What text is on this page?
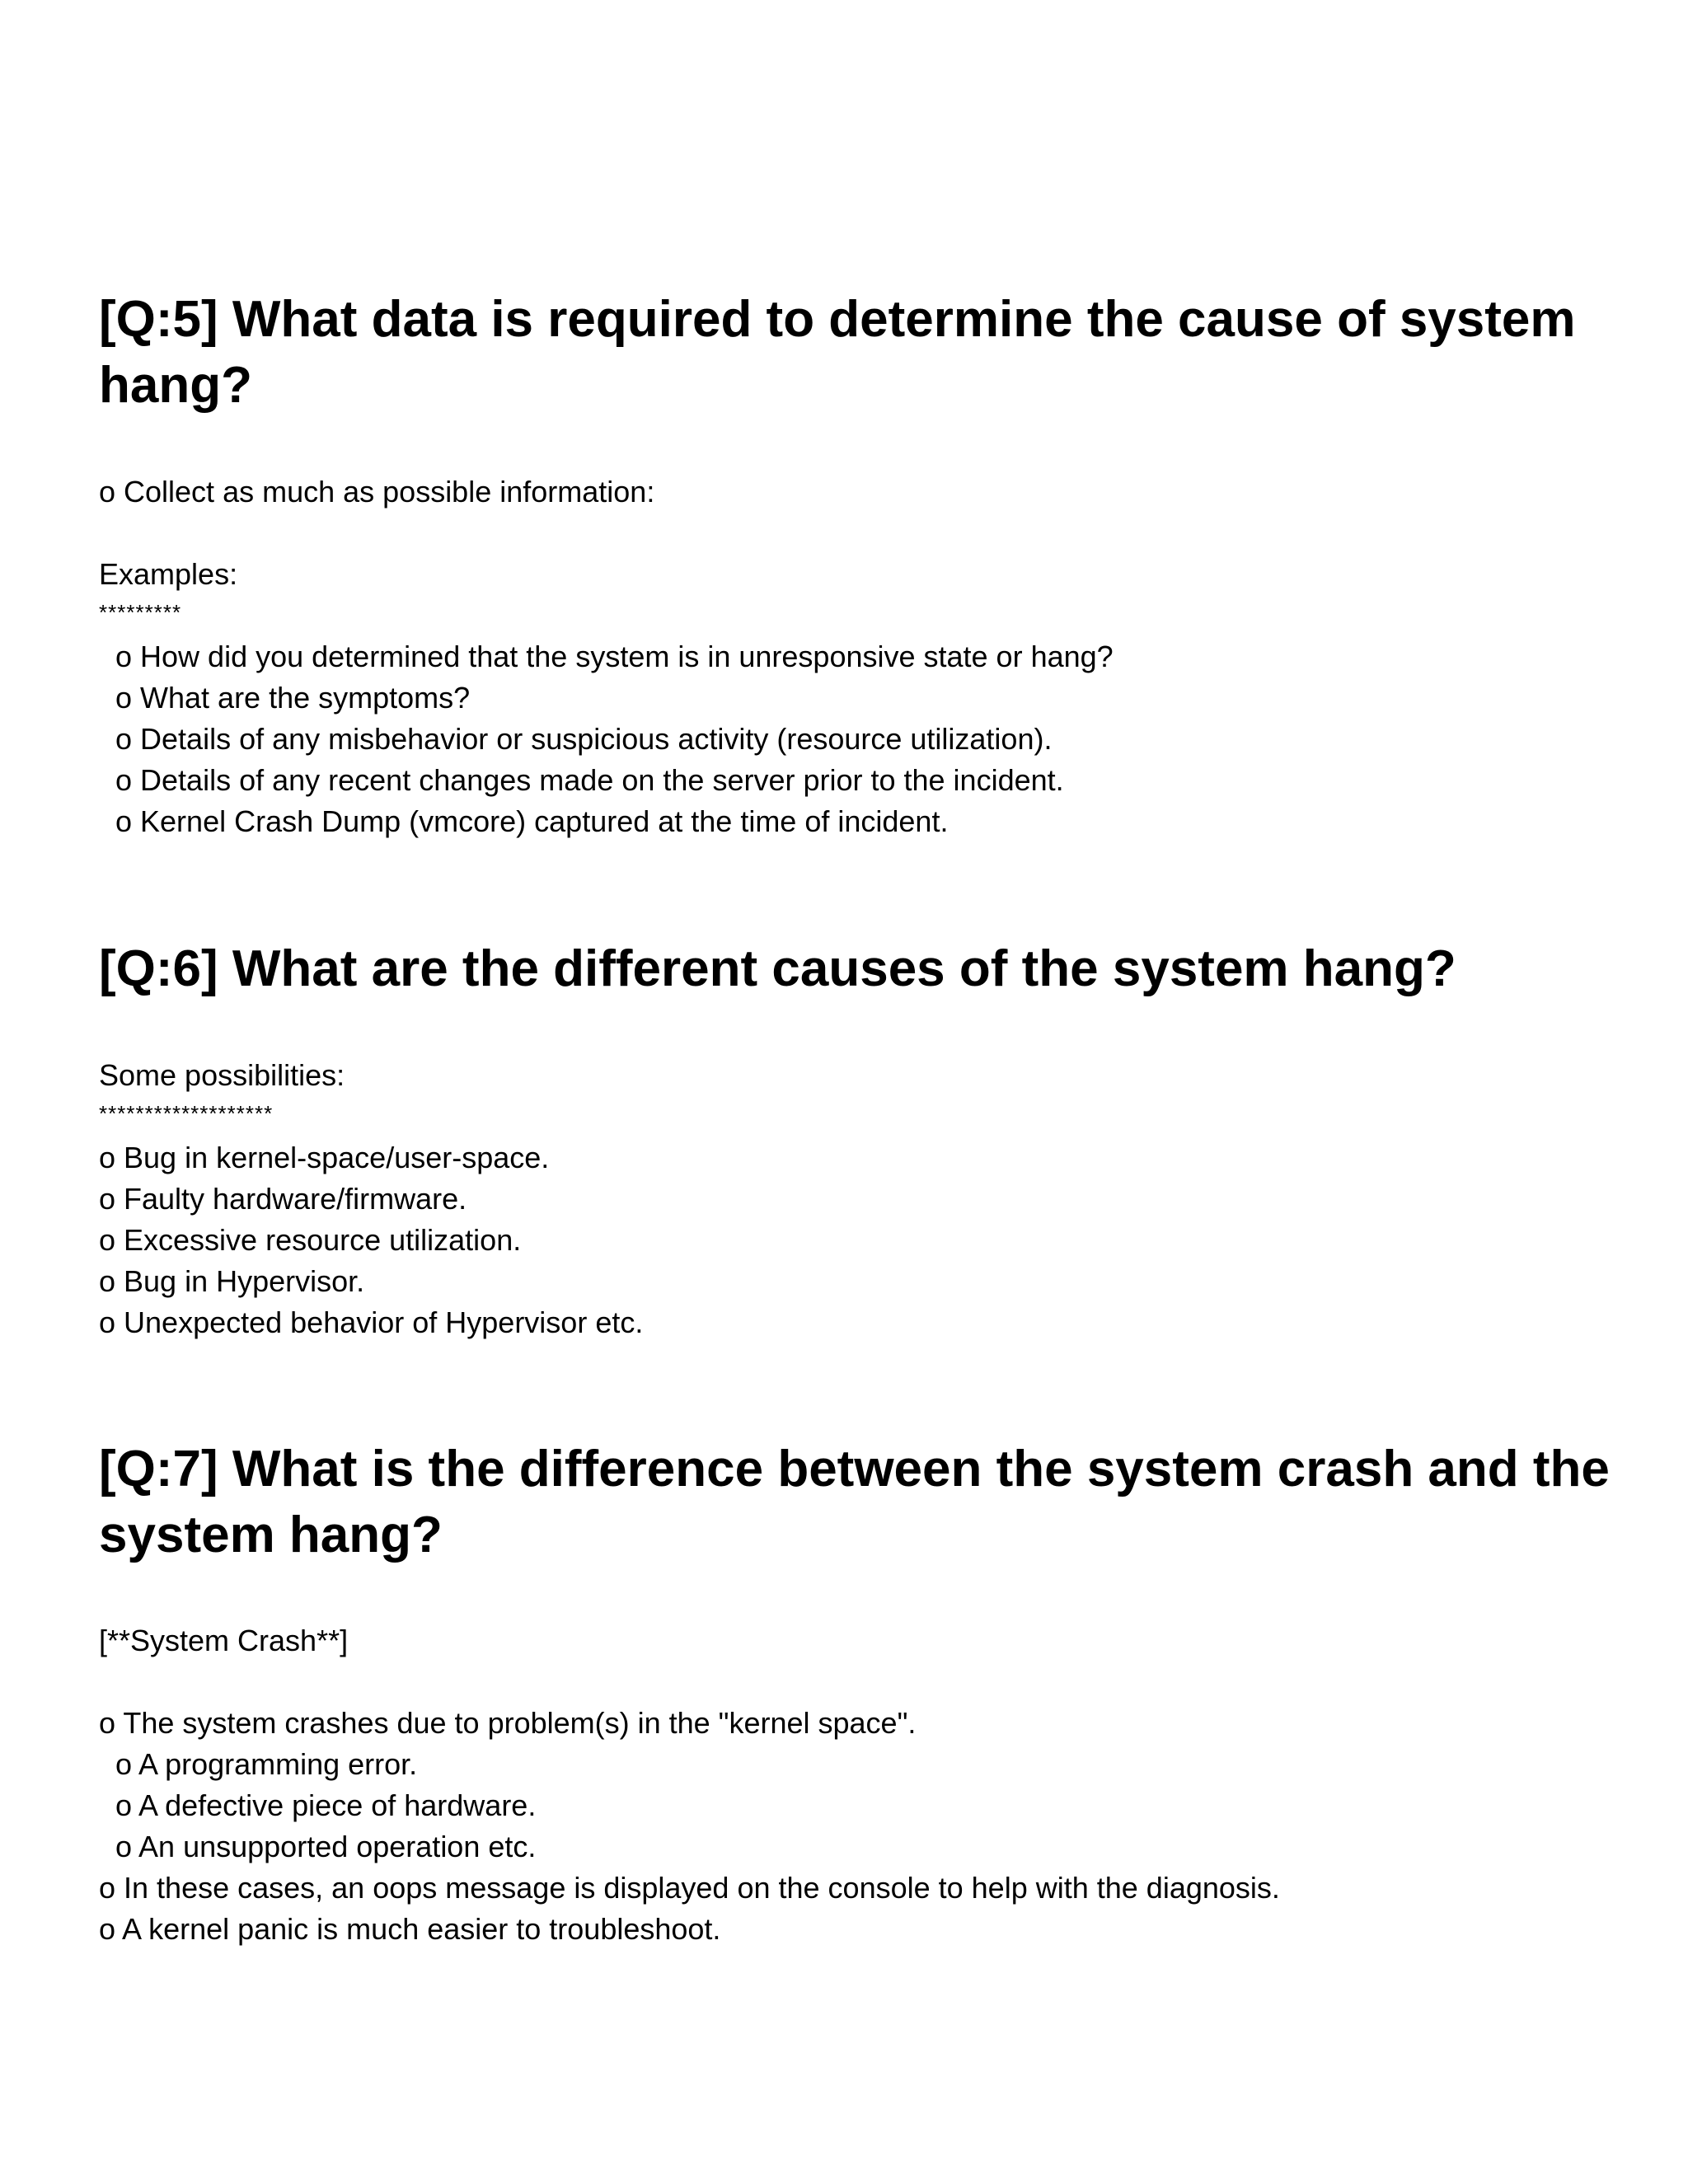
[Q:5] What data is required to determine the cause of system hang?

o Collect as much as possible information:

Examples:

*********

o How did you determined that the system is in unresponsive state or hang?
o What are the symptoms?
o Details of any misbehavior or suspicious activity (resource utilization).
o Details of any recent changes made on the server prior to the incident.
o Kernel Crash Dump (vmcore) captured at the time of incident.
[Q:6] What are the different causes of the system hang?

Some possibilities:

*******************

o Bug in kernel-space/user-space.
o Faulty hardware/firmware.
o Excessive resource utilization.
o Bug in Hypervisor.
o Unexpected behavior of Hypervisor etc.
[Q:7] What is the difference between the system crash and the system hang?

[**System Crash**]

o The system crashes due to problem(s) in the "kernel space".
o A programming error.
o A defective piece of hardware.
o An unsupported operation etc.
o In these cases, an oops message is displayed on the console to help with the diagnosis.
o A kernel panic is much easier to troubleshoot.
